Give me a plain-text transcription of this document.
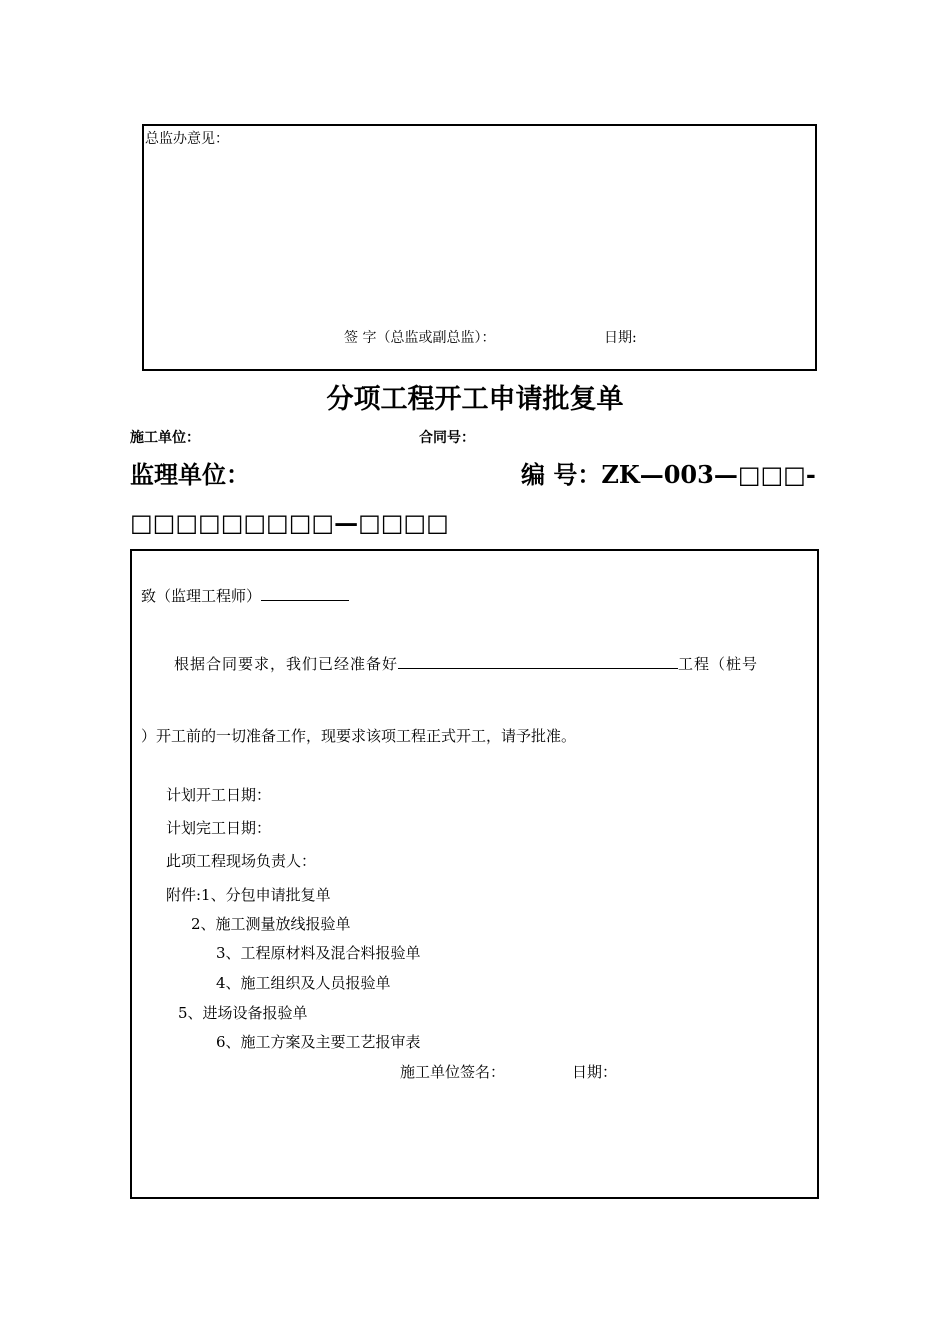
总监办意见：
签 字（总监或副总监）：	日期:
分项工程开工申请批复单
施工单位：	合同号：
监理单位：	编 号：ZK—003—□□□-
□□□□□□□□□—□□□□
致（监理工程师）
根据合同要求，我们已经准备好	工程（桩号
）开工前的一切准备工作，现要求该项工程正式开工，请予批准。
计划开工日期：
计划完工日期：
此项工程现场负责人：
附件:1、分包申请批复单
2、施工测量放线报验单
3、工程原材料及混合料报验单
4、施工组织及人员报验单
5、进场设备报验单
6、施工方案及主要工艺报审表
施工单位签名：	日期：
